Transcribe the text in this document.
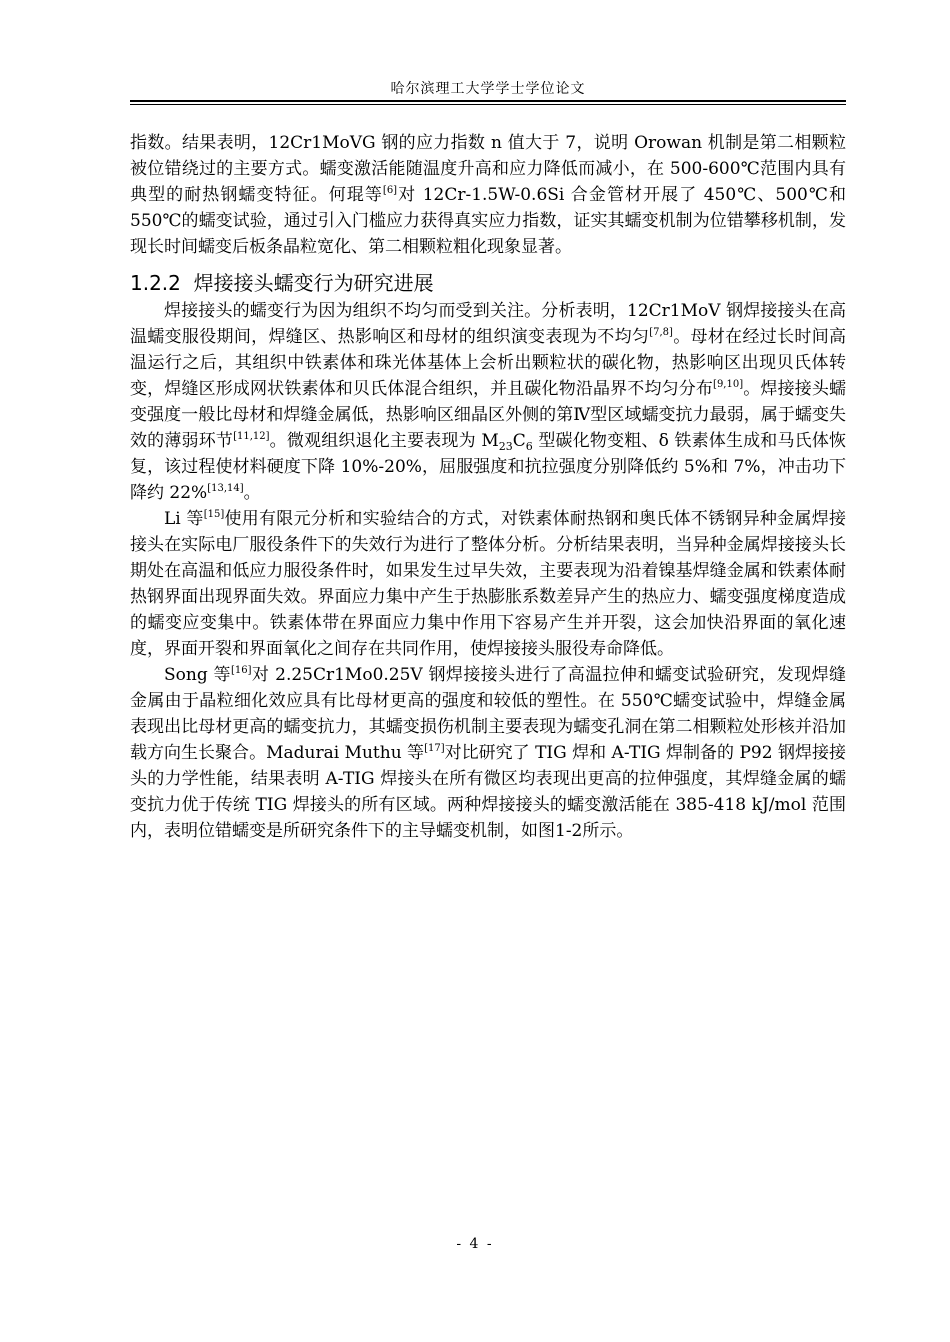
哈尔滨理工大学学士学位论文

指数。结果表明，12Cr1MoVG 钢的应力指数 n 值大于 7，说明 Orowan 机制是第二相颗粒被位错绕过的主要方式。蠕变激活能随温度升高和应力降低而减小，在 500-600℃范围内具有典型的耐热钢蠕变特征。何琨等[6]对 12Cr-1.5W-0.6Si 合金管材开展了 450℃、500℃和 550℃的蠕变试验，通过引入门槛应力获得真实应力指数，证实其蠕变机制为位错攀移机制，发现长时间蠕变后板条晶粒宽化、第二相颗粒粗化现象显著。

1.2.2 焊接接头蠕变行为研究进展

焊接接头的蠕变行为因为组织不均匀而受到关注。分析表明，12Cr1MoV 钢焊接接头在高温蠕变服役期间，焊缝区、热影响区和母材的组织演变表现为不均匀[7,8]。母材在经过长时间高温运行之后，其组织中铁素体和珠光体基体上会析出颗粒状的碳化物，热影响区出现贝氏体转变，焊缝区形成网状铁素体和贝氏体混合组织，并且碳化物沿晶界不均匀分布[9,10]。焊接接头蠕变强度一般比母材和焊缝金属低，热影响区细晶区外侧的第Ⅳ型区域蠕变抗力最弱，属于蠕变失效的薄弱环节[11,12]。微观组织退化主要表现为 $M_{23}C_6$ 型碳化物变粗、δ 铁素体生成和马氏体恢复，该过程使材料硬度下降 10%-20%，屈服强度和抗拉强度分别降低约 5%和 7%，冲击功下降约 22%[13,14]。

Li 等[15]使用有限元分析和实验结合的方式，对铁素体耐热钢和奥氏体不锈钢异种金属焊接接头在实际电厂服役条件下的失效行为进行了整体分析。分析结果表明，当异种金属焊接接头长期处在高温和低应力服役条件时，如果发生过早失效，主要表现为沿着镍基焊缝金属和铁素体耐热钢界面出现界面失效。界面应力集中产生于热膨胀系数差异产生的热应力、蠕变强度梯度造成的蠕变应变集中。铁素体带在界面应力集中作用下容易产生并开裂，这会加快沿界面的氧化速度，界面开裂和界面氧化之间存在共同作用，使焊接接头服役寿命降低。

Song 等[16]对 2.25Cr1Mo0.25V 钢焊接接头进行了高温拉伸和蠕变试验研究，发现焊缝金属由于晶粒细化效应具有比母材更高的强度和较低的塑性。在 550℃蠕变试验中，焊缝金属表现出比母材更高的蠕变抗力，其蠕变损伤机制主要表现为蠕变孔洞在第二相颗粒处形核并沿加载方向生长聚合。Madurai Muthu 等[17]对比研究了 TIG 焊和 A-TIG 焊制备的 P92 钢焊接接头的力学性能，结果表明 A-TIG 焊接头在所有微区均表现出更高的拉伸强度，其焊缝金属的蠕变抗力优于传统 TIG 焊接头的所有区域。两种焊接接头的蠕变激活能在 385-418 kJ/mol 范围内，表明位错蠕变是所研究条件下的主导蠕变机制，如图1-2所示。

- 4 -
